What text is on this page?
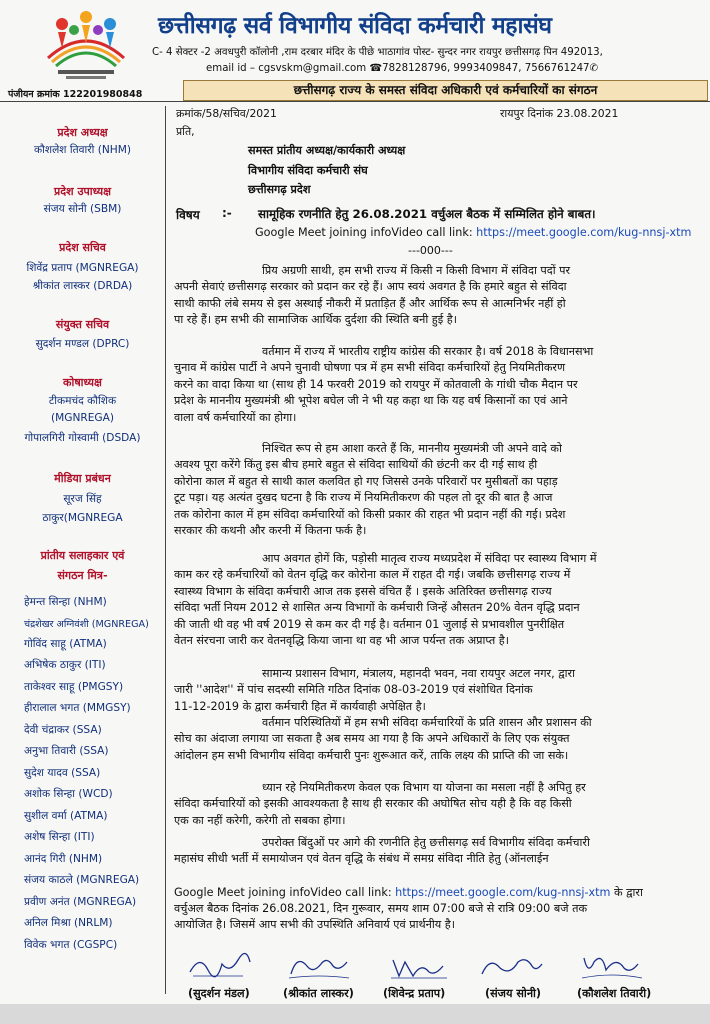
छत्तीसगढ़ सर्व विभागीय संविदा कर्मचारी महासंघ
C- 4 सेक्टर -2 अवधपुरी कॉलोनी ,राम दरबार मंदिर के पीछे भाठागांव पोस्ट- सुन्दर नगर रायपुर छत्तीसगढ़ पिन 492013,
email id – cgsvskm@gmail.com ☎7828128796, 9993409847, 7566761247✆
पंजीयन क्रमांक 122201980848	छत्तीसगढ़ राज्य के समस्त संविदा अधिकारी एवं कर्मचारियों का संगठन
प्रदेश अध्यक्ष
कौशलेश तिवारी (NHM)
प्रदेश उपाध्यक्ष
संजय सोनी (SBM)
प्रदेश सचिव
शिवेंद्र प्रताप (MGNREGA)
श्रीकांत लास्कर (DRDA)
संयुक्त सचिव
सुदर्शन मण्डल (DPRC)
कोषाध्यक्ष
टीकमचंद कौशिक
(MGNREGA)
गोपालगिरी गोस्वामी (DSDA)
मीडिया प्रबंधन
सूरज सिंह
ठाकुर(MGNREGA
प्रांतीय सलाहकार एवं
संगठन मित्र-
हेमन्त सिन्हा (NHM)
चंद्रशेखर अग्निवंशी (MGNREGA)
गोविंद साहू (ATMA)
अभिषेक ठाकुर (ITI)
ताकेश्वर साहू (PMGSY)
हीरालाल भगत (MMGSY)
देवी चंद्राकर (SSA)
अनुभा तिवारी (SSA)
सुदेश यादव (SSA)
अशोक सिन्हा (WCD)
सुशील वर्मा (ATMA)
अशेष सिन्हा (ITI)
आनंद गिरी (NHM)
संजय काठले (MGNREGA)
प्रवीण अनंत (MGNREGA)
अनिल मिश्रा (NRLM)
विवेक भगत (CGSPC)
क्रमांक/58/सचिव/2021	रायपुर दिनांक 23.08.2021
प्रति,
समस्त प्रांतीय अध्यक्ष/कार्यकारी अध्यक्ष
विभागीय संविदा कर्मचारी संघ
छत्तीसगढ़ प्रदेश
विषय :- सामूहिक रणनीति हेतु 26.08.2021 वर्चुअल बैठक में सम्मिलित होने बाबत।
Google Meet joining infoVideo call link: https://meet.google.com/kug-nnsj-xtm
---000---
प्रिय अग्रणी साथी, हम सभी राज्य में किसी न किसी विभाग में संविदा पदों पर
अपनी सेवाएं छत्तीसगढ़ सरकार को प्रदान कर रहे हैं। आप स्वयं अवगत है कि हमारे बहुत से संविदा
साथी काफी लंबे समय से इस अस्थाई नौकरी में प्रताड़ित हैं और आर्थिक रूप से आत्मनिर्भर नहीं हो
पा रहे हैं। हम सभी की सामाजिक आर्थिक दुर्दशा की स्थिति बनी हुई है।
वर्तमान में राज्य में भारतीय राष्ट्रीय कांग्रेस की सरकार है। वर्ष 2018 के विधानसभा
चुनाव में कांग्रेस पार्टी ने अपने चुनावी घोषणा पत्र में हम सभी संविदा कर्मचारियों हेतु नियमितीकरण
करने का वादा किया था (साथ ही 14 फरवरी 2019 को रायपुर में कोतवाली के गांधी चौक मैदान पर
प्रदेश के माननीय मुख्यमंत्री श्री भूपेश बघेल जी ने भी यह कहा था कि यह वर्ष किसानों का एवं आने
वाला वर्ष कर्मचारियों का होगा।
निश्चित रूप से हम आशा करते हैं कि, माननीय मुख्यमंत्री जी अपने वादे को
अवश्य पूरा करेंगे किंतु इस बीच हमारे बहुत से संविदा साथियों की छंटनी कर दी गई साथ ही
कोरोना काल में बहुत से साथी काल कलवित हो गए जिससे उनके परिवारों पर मुसीबतों का पहाड़
टूट पड़ा। यह अत्यंत दुखद घटना है कि राज्य में नियमितीकरण की पहल तो दूर की बात है आज
तक कोरोना काल में हम संविदा कर्मचारियों को किसी प्रकार की राहत भी प्रदान नहीं की गई। प्रदेश
सरकार की कथनी और करनी में कितना फर्क है।
आप अवगत होगें कि, पड़ोसी मातृत्व राज्य मध्यप्रदेश में संविदा पर स्वास्थ्य विभाग में
काम कर रहे कर्मचारियों को वेतन वृद्धि कर कोरोना काल में राहत दी गई। जबकि छत्तीसगढ़ राज्य में
स्वास्थ्य विभाग के संविदा कर्मचारी आज तक इससे वंचित हैं । इसके अतिरिक्त छत्तीसगढ़ राज्य
संविदा भर्ती नियम 2012 से शासित अन्य विभागों के कर्मचारी जिन्हें औसतन 20% वेतन वृद्धि प्रदान
की जाती थी वह भी वर्ष 2019 से कम कर दी गई है। वर्तमान 01 जुलाई से प्रभावशील पुनरीक्षित
वेतन संरचना जारी कर वेतनवृद्धि किया जाना था वह भी आज पर्यन्त तक अप्राप्त है।
सामान्य प्रशासन विभाग, मंत्रालय, महानदी भवन, नवा रायपुर अटल नगर, द्वारा
जारी ''आदेश'' में पांच सदस्यी समिति गठित दिनांक 08-03-2019 एवं संशोधित दिनांक
11-12-2019 के द्वारा कर्मचारी हित में कार्यवाही अपेक्षित है।
वर्तमान परिस्थितियों में हम सभी संविदा कर्मचारियों के प्रति शासन और प्रशासन की
सोच का अंदाजा लगाया जा सकता है अब समय आ गया है कि अपने अधिकारों के लिए एक संयुक्त
आंदोलन हम सभी विभागीय संविदा कर्मचारी पुनः शुरूआत करें, ताकि लक्ष्य की प्राप्ति की जा सके।
ध्यान रहे नियमितीकरण केवल एक विभाग या योजना का मसला नहीं है अपितु हर
संविदा कर्मचारियों को इसकी आवश्यकता है साथ ही सरकार की अघोषित सोच यही है कि वह किसी
एक का नहीं करेगी, करेगी तो सबका होगा।
उपरोक्त बिंदुओं पर आगे की रणनीति हेतु छत्तीसगढ़ सर्व विभागीय संविदा कर्मचारी
महासंघ सीधी भर्ती में समायोजन एवं वेतन वृद्धि के संबंध में समग्र संविदा नीति हेतु (ऑनलाईन
Google Meet joining infoVideo call link: https://meet.google.com/kug-nnsj-xtm के द्वारा
वर्चुअल बैठक दिनांक 26.08.2021, दिन गुरूवार, समय शाम 07:00 बजे से रात्रि 09:00 बजे तक
आयोजित है। जिसमें आप सभी की उपस्थिति अनिवार्य एवं प्रार्थनीय है।
(सुदर्शन मंडल)	(श्रीकांत लास्कर)	(शिवेन्द्र प्रताप)	(संजय सोनी)	(कौशलेश तिवारी)
